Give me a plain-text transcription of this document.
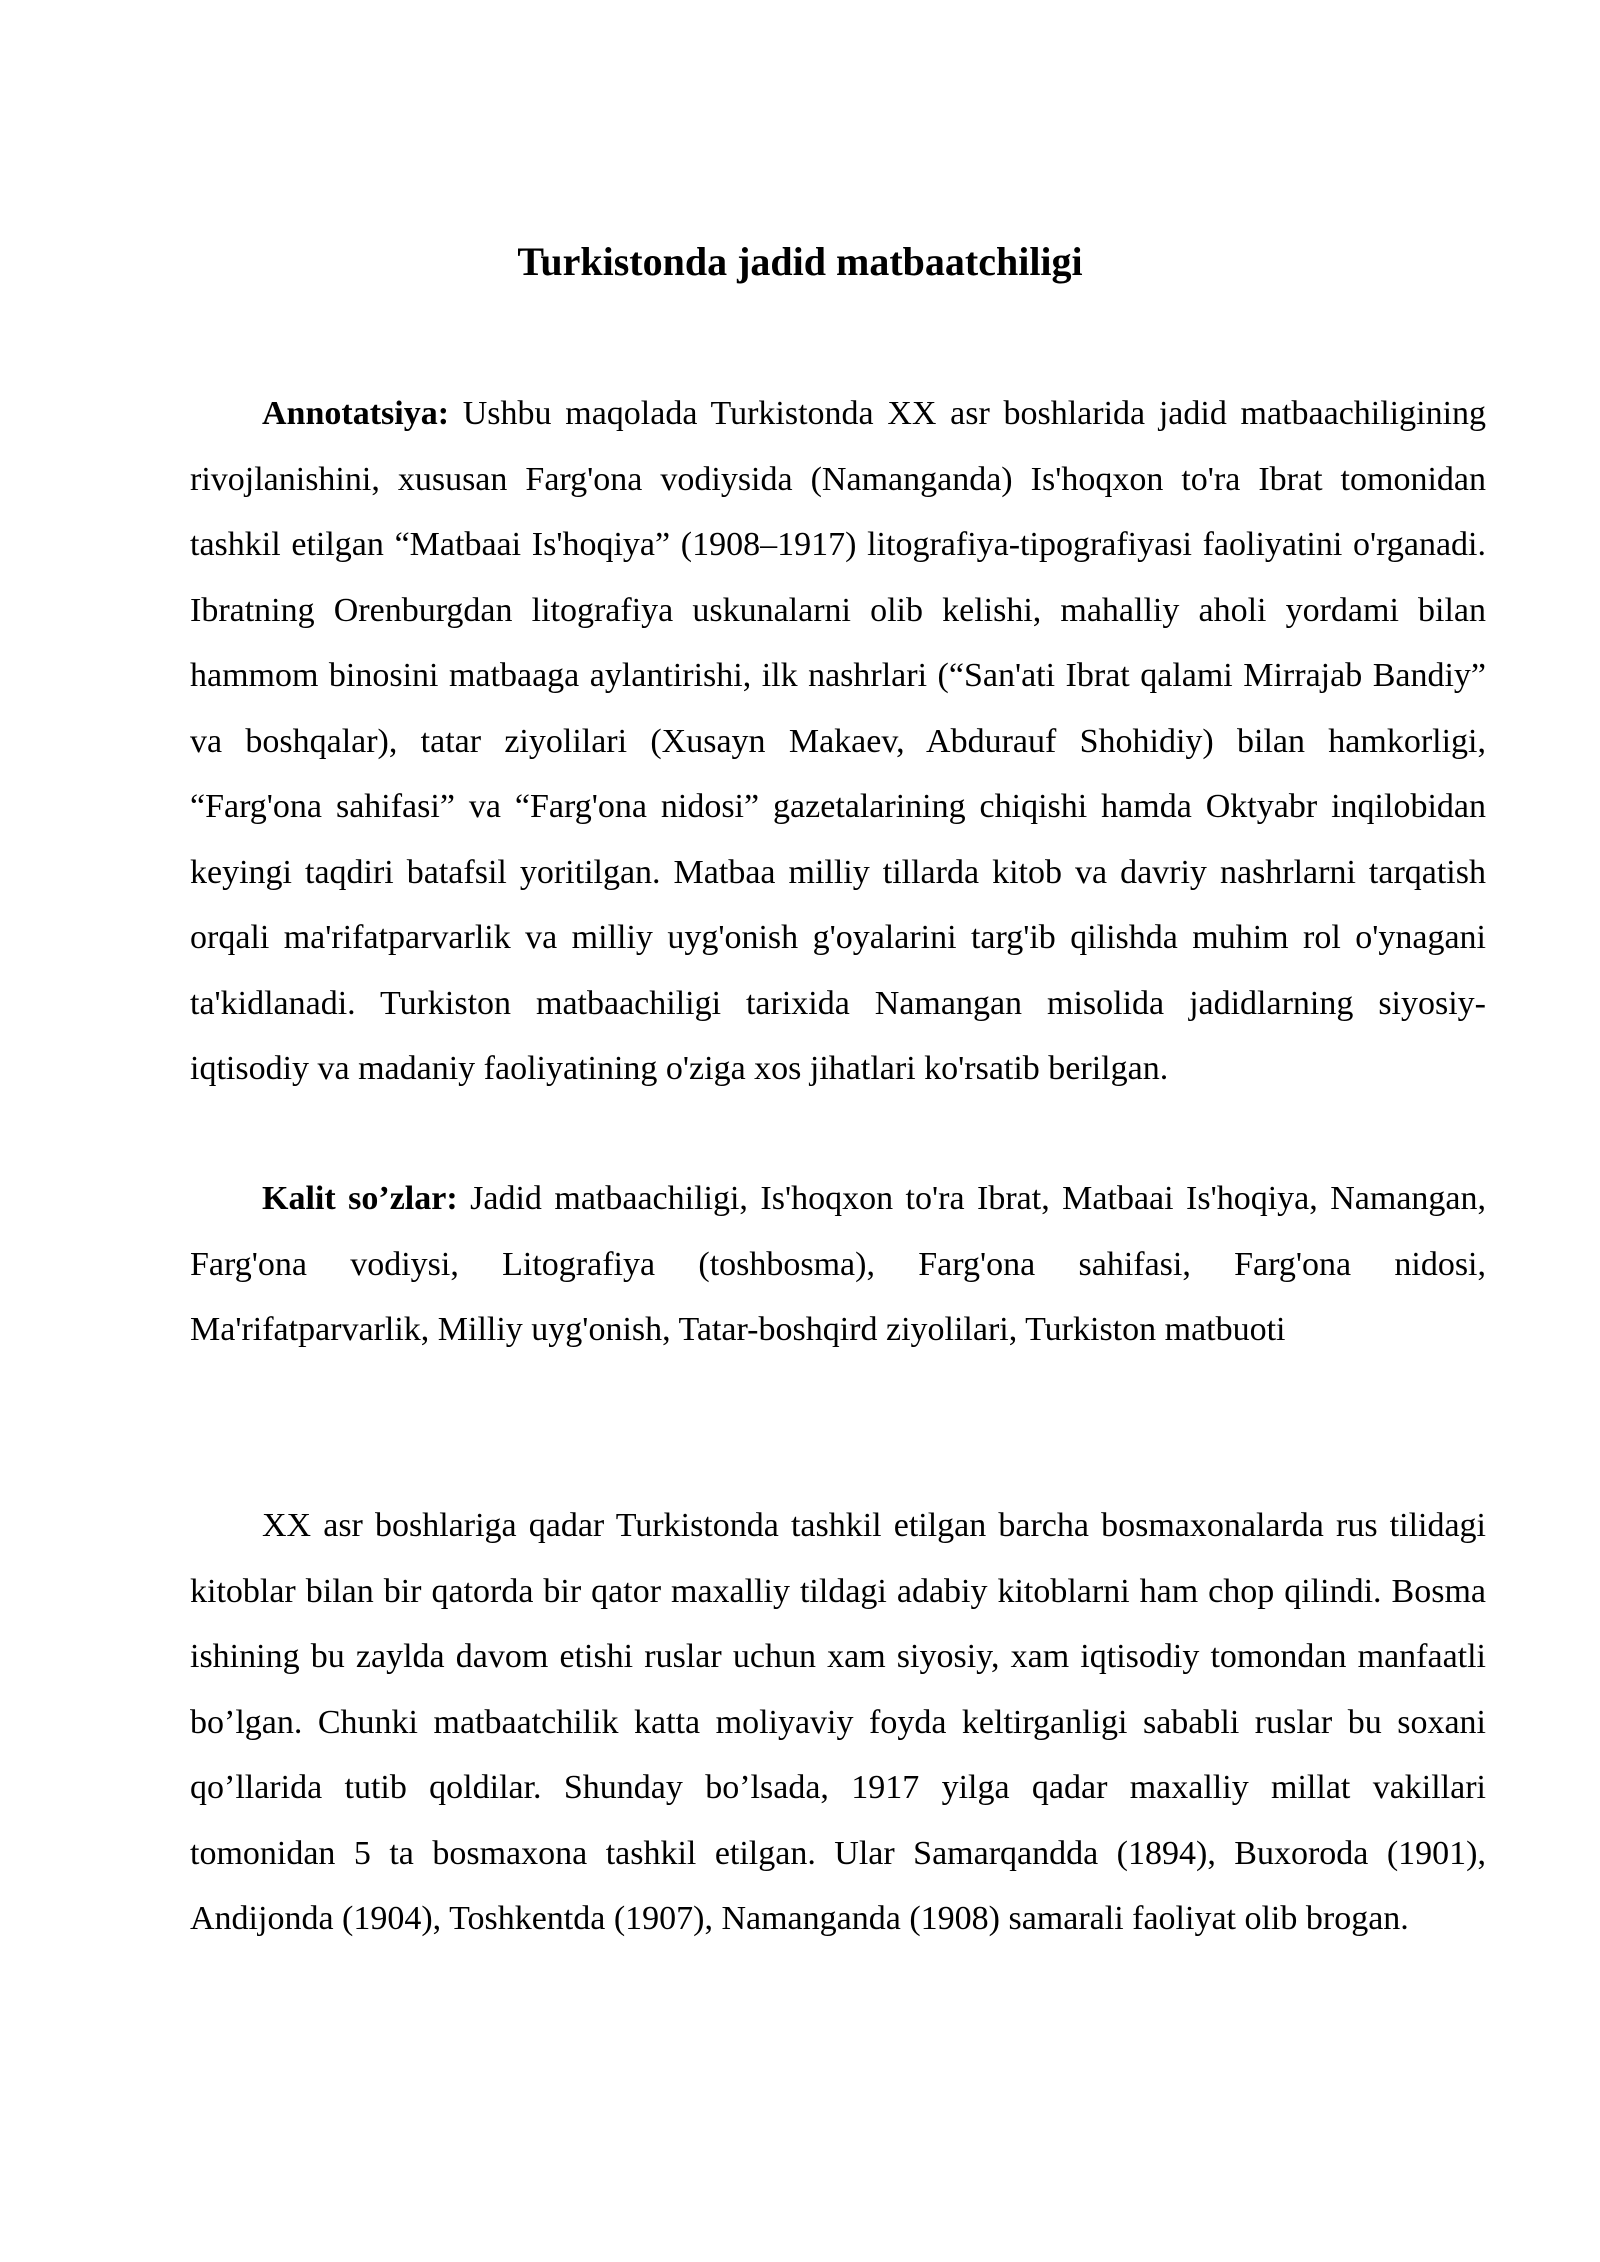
Turkistonda jadid matbaatchiligi

Annotatsiya: Ushbu maqolada Turkistonda XX asr boshlarida jadid matbaachiligining rivojlanishini, xususan Farg'ona vodiysida (Namanganda) Is'hoqxon to'ra Ibrat tomonidan tashkil etilgan “Matbaai Is'hoqiya” (1908–1917) litografiya-tipografiyasi faoliyatini o'rganadi. Ibratning Orenburgdan litografiya uskunalarni olib kelishi, mahalliy aholi yordami bilan hammom binosini matbaaga aylantirishi, ilk nashrlari (“San'ati Ibrat qalami Mirrajab Bandiy” va boshqalar), tatar ziyolilari (Xusayn Makaev, Abdurauf Shohidiy) bilan hamkorligi, “Farg'ona sahifasi” va “Farg'ona nidosi” gazetalarining chiqishi hamda Oktyabr inqilobidan keyingi taqdiri batafsil yoritilgan. Matbaa milliy tillarda kitob va davriy nashrlarni tarqatish orqali ma'rifatparvarlik va milliy uyg'onish g'oyalarini targ'ib qilishda muhim rol o'ynagani ta'kidlanadi. Turkiston matbaachiligi tarixida Namangan misolida jadidlarning siyosiy-iqtisodiy va madaniy faoliyatining o'ziga xos jihatlari ko'rsatib berilgan.

Kalit so’zlar: Jadid matbaachiligi, Is'hoqxon to'ra Ibrat, Matbaai Is'hoqiya, Namangan, Farg'ona vodiysi, Litografiya (toshbosma), Farg'ona sahifasi, Farg'ona nidosi, Ma'rifatparvarlik, Milliy uyg'onish, Tatar-boshqird ziyolilari, Turkiston matbuoti

XX asr boshlariga qadar Turkistonda tashkil etilgan barcha bosmaxonalarda rus tilidagi kitoblar bilan bir qatorda bir qator maxalliy tildagi adabiy kitoblarni ham chop qilindi. Bosma ishining bu zaylda davom etishi ruslar uchun xam siyosiy, xam iqtisodiy tomondan manfaatli bo’lgan. Chunki matbaatchilik katta moliyaviy foyda keltirganligi sababli ruslar bu soxani qo’llarida tutib qoldilar. Shunday bo’lsada, 1917 yilga qadar maxalliy millat vakillari tomonidan 5 ta bosmaxona tashkil etilgan. Ular Samarqandda (1894), Buxoroda (1901), Andijonda (1904), Toshkentda (1907), Namanganda (1908) samarali faoliyat olib brogan.
